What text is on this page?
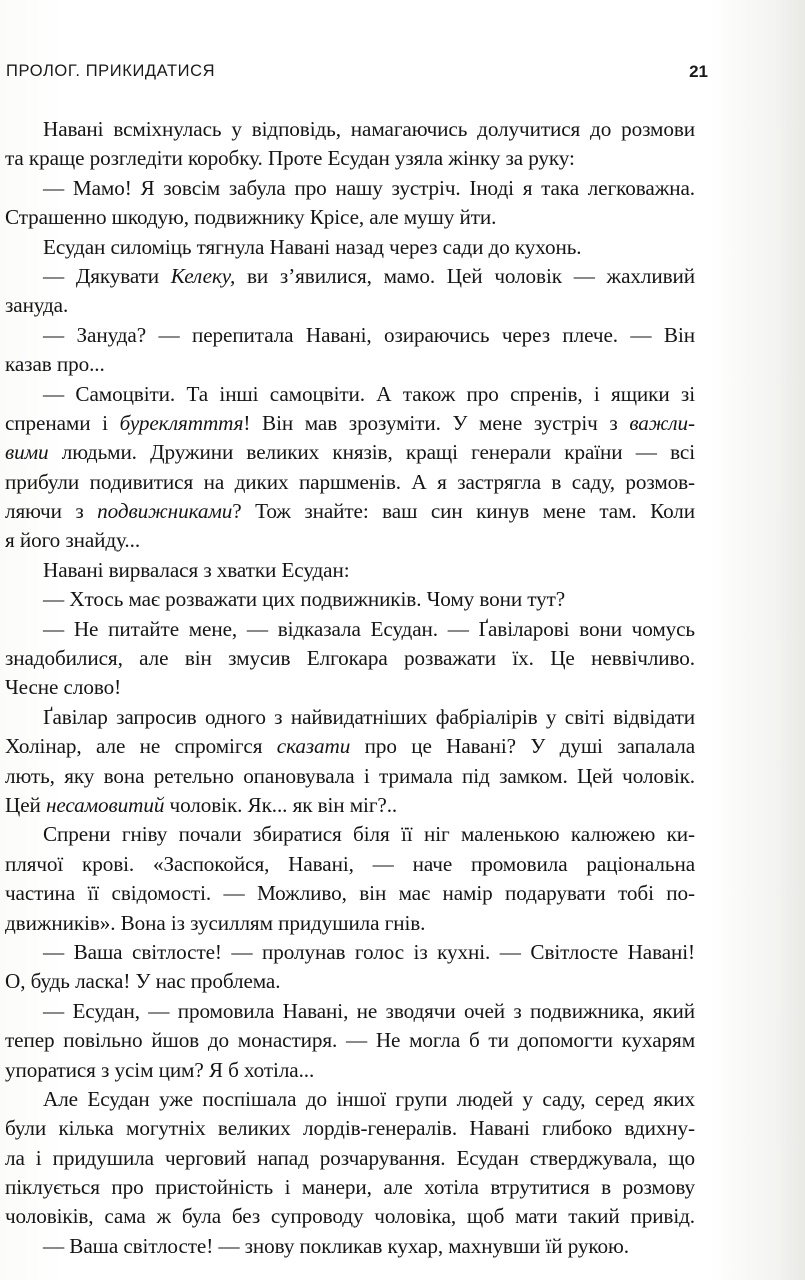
ПРОЛОГ. ПРИКИДАТИСЯ	21
Навані всміхнулась у відповідь, намагаючись долучитися до розмови
та краще розгледіти коробку. Проте Есудан узяла жінку за руку:
— Мамо! Я зовсім забула про нашу зустріч. Іноді я така легковажна.
Страшенно шкодую, подвижнику Крісе, але мушу йти.
Есудан силоміць тягнула Навані назад через сади до кухонь.
— Дякувати Келеку, ви з’явилися, мамо. Цей чоловік — жахливий
зануда.
— Зануда? — перепитала Навані, озираючись через плече. — Він
казав про...
— Самоцвіти. Та інші самоцвіти. А також про спренів, і ящики зі
спренами і буреклятття! Він мав зрозуміти. У мене зустріч з важли-
вими людьми. Дружини великих князів, кращі генерали країни — всі
прибули подивитися на диких паршменів. А я застрягла в саду, розмов-
ляючи з подвижниками? Тож знайте: ваш син кинув мене там. Коли
я його знайду...
Навані вирвалася з хватки Есудан:
— Хтось має розважати цих подвижників. Чому вони тут?
— Не питайте мене, — відказала Есудан. — Ґавіларові вони чомусь
знадобилися, але він змусив Елгокара розважати їх. Це неввічливо.
Чесне слово!
Ґавілар запросив одного з найвидатніших фабріалірів у світі відвідати
Холінар, але не спромігся сказати про це Навані? У душі запалала
лють, яку вона ретельно опановувала і тримала під замком. Цей чоловік.
Цей несамовитий чоловік. Як... як він міг?..
Спрени гніву почали збиратися біля її ніг маленькою калюжею ки-
плячої крові. «Заспокойся, Навані, — наче промовила раціональна
частина її свідомості. — Можливо, він має намір подарувати тобі по-
движників». Вона із зусиллям придушила гнів.
— Ваша світлосте! — пролунав голос із кухні. — Світлосте Навані!
О, будь ласка! У нас проблема.
— Есудан, — промовила Навані, не зводячи очей з подвижника, який
тепер повільно йшов до монастиря. — Не могла б ти допомогти кухарям
упоратися з усім цим? Я б хотіла...
Але Есудан уже поспішала до іншої групи людей у саду, серед яких
були кілька могутніх великих лордів-генералів. Навані глибоко вдихну-
ла і придушила черговий напад розчарування. Есудан стверджувала, що
піклується про пристойність і манери, але хотіла втрутитися в розмову
чоловіків, сама ж була без супроводу чоловіка, щоб мати такий привід.
— Ваша світлосте! — знову покликав кухар, махнувши їй рукою.
